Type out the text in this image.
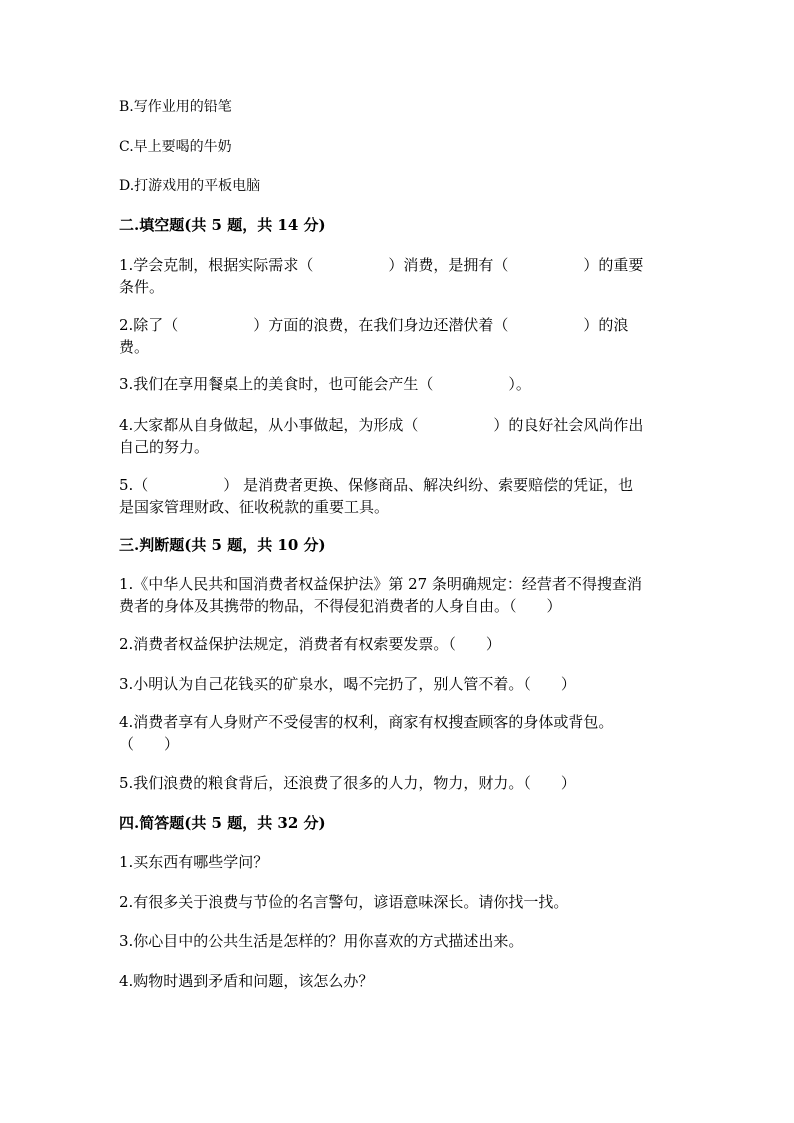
B.写作业用的铅笔
C.早上要喝的牛奶
D.打游戏用的平板电脑
二.填空题(共 5 题，共 14 分)
1.学会克制，根据实际需求（　　　　　）消费，是拥有（　　　　　）的重要
条件。
2.除了（　　　　　）方面的浪费，在我们身边还潜伏着（　　　　　）的浪
费。
3.我们在享用餐桌上的美食时，也可能会产生（　　　　　）。
4.大家都从自身做起，从小事做起，为形成（　　　　　）的良好社会风尚作出
自己的努力。
5.（　　　　　） 是消费者更换、保修商品、解决纠纷、索要赔偿的凭证，也
是国家管理财政、征收税款的重要工具。
三.判断题(共 5 题，共 10 分)
1.《中华人民共和国消费者权益保护法》第 27 条明确规定：经营者不得搜查消
费者的身体及其携带的物品，不得侵犯消费者的人身自由。（　　）
2.消费者权益保护法规定，消费者有权索要发票。（　　）
3.小明认为自己花钱买的矿泉水，喝不完扔了，别人管不着。（　　）
4.消费者享有人身财产不受侵害的权利，商家有权搜查顾客的身体或背包。
（　　）
5.我们浪费的粮食背后，还浪费了很多的人力，物力，财力。（　　）
四.简答题(共 5 题，共 32 分)
1.买东西有哪些学问？
2.有很多关于浪费与节俭的名言警句，谚语意味深长。请你找一找。
3.你心目中的公共生活是怎样的？用你喜欢的方式描述出来。
4.购物时遇到矛盾和问题，该怎么办？
